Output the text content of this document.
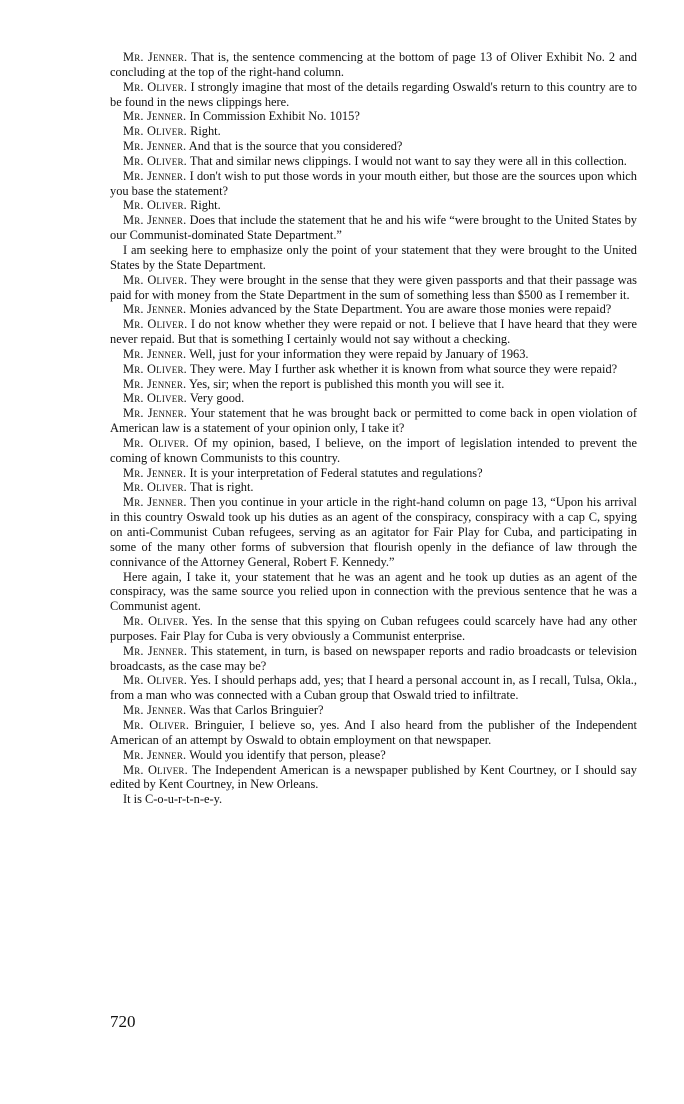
Mr. Jenner. That is, the sentence commencing at the bottom of page 13 of Oliver Exhibit No. 2 and concluding at the top of the right-hand column.

Mr. Oliver. I strongly imagine that most of the details regarding Oswald's return to this country are to be found in the news clippings here.

Mr. Jenner. In Commission Exhibit No. 1015?

Mr. Oliver. Right.

Mr. Jenner. And that is the source that you considered?

Mr. Oliver. That and similar news clippings. I would not want to say they were all in this collection.

Mr. Jenner. I don't wish to put those words in your mouth either, but those are the sources upon which you base the statement?

Mr. Oliver. Right.

Mr. Jenner. Does that include the statement that he and his wife “were brought to the United States by our Communist-dominated State Department.”

I am seeking here to emphasize only the point of your statement that they were brought to the United States by the State Department.

Mr. Oliver. They were brought in the sense that they were given passports and that their passage was paid for with money from the State Department in the sum of something less than $500 as I remember it.

Mr. Jenner. Monies advanced by the State Department. You are aware those monies were repaid?

Mr. Oliver. I do not know whether they were repaid or not. I believe that I have heard that they were never repaid. But that is something I certainly would not say without a checking.

Mr. Jenner. Well, just for your information they were repaid by January of 1963.

Mr. Oliver. They were. May I further ask whether it is known from what source they were repaid?

Mr. Jenner. Yes, sir; when the report is published this month you will see it.

Mr. Oliver. Very good.

Mr. Jenner. Your statement that he was brought back or permitted to come back in open violation of American law is a statement of your opinion only, I take it?

Mr. Oliver. Of my opinion, based, I believe, on the import of legislation intended to prevent the coming of known Communists to this country.

Mr. Jenner. It is your interpretation of Federal statutes and regulations?

Mr. Oliver. That is right.

Mr. Jenner. Then you continue in your article in the right-hand column on page 13, “Upon his arrival in this country Oswald took up his duties as an agent of the conspiracy, conspiracy with a cap C, spying on anti-Communist Cuban refugees, serving as an agitator for Fair Play for Cuba, and participating in some of the many other forms of subversion that flourish openly in the defiance of law through the connivance of the Attorney General, Robert F. Kennedy.”

Here again, I take it, your statement that he was an agent and he took up duties as an agent of the conspiracy, was the same source you relied upon in connection with the previous sentence that he was a Communist agent.

Mr. Oliver. Yes. In the sense that this spying on Cuban refugees could scarcely have had any other purposes. Fair Play for Cuba is very obviously a Communist enterprise.

Mr. Jenner. This statement, in turn, is based on newspaper reports and radio broadcasts or television broadcasts, as the case may be?

Mr. Oliver. Yes. I should perhaps add, yes; that I heard a personal account in, as I recall, Tulsa, Okla., from a man who was connected with a Cuban group that Oswald tried to infiltrate.

Mr. Jenner. Was that Carlos Bringuier?

Mr. Oliver. Bringuier, I believe so, yes. And I also heard from the publisher of the Independent American of an attempt by Oswald to obtain employment on that newspaper.

Mr. Jenner. Would you identify that person, please?

Mr. Oliver. The Independent American is a newspaper published by Kent Courtney, or I should say edited by Kent Courtney, in New Orleans.

It is C-o-u-r-t-n-e-y.

720
